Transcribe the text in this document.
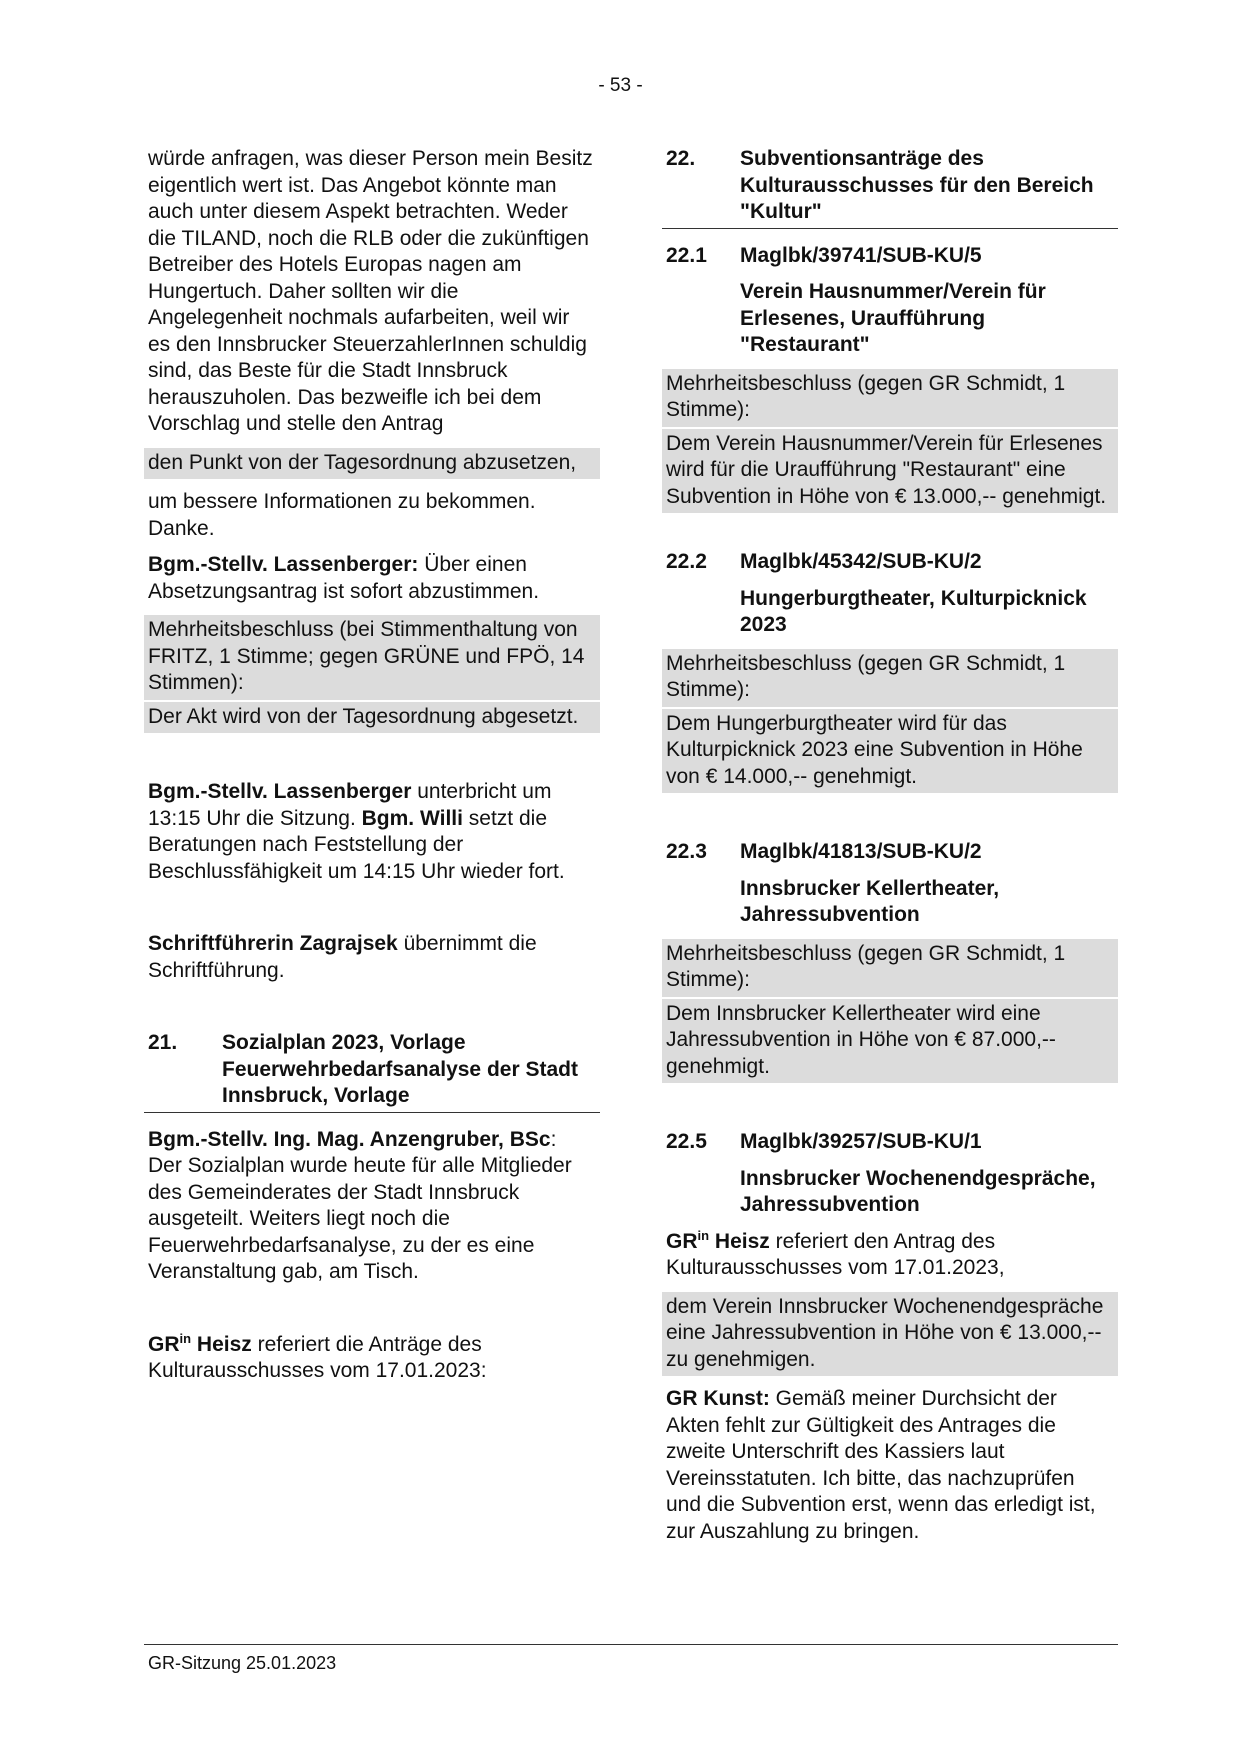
- 53 -

würde anfragen, was dieser Person mein Besitz eigentlich wert ist. Das Angebot könnte man auch unter diesem Aspekt betrachten. Weder die TILAND, noch die RLB oder die zukünftigen Betreiber des Hotels Europas nagen am Hungertuch. Daher sollten wir die Angelegenheit nochmals aufarbeiten, weil wir es den Innsbrucker SteuerzahlerInnen schuldig sind, das Beste für die Stadt Innsbruck herauszuholen. Das bezweifle ich bei dem Vorschlag und stelle den Antrag

den Punkt von der Tagesordnung abzusetzen,

um bessere Informationen zu bekommen. Danke.

Bgm.-Stellv. Lassenberger: Über einen Absetzungsantrag ist sofort abzustimmen.

Mehrheitsbeschluss (bei Stimmenthaltung von FRITZ, 1 Stimme; gegen GRÜNE und FPÖ, 14 Stimmen):

Der Akt wird von der Tagesordnung abgesetzt.

Bgm.-Stellv. Lassenberger unterbricht um 13:15 Uhr die Sitzung. Bgm. Willi setzt die Beratungen nach Feststellung der Beschlussfähigkeit um 14:15 Uhr wieder fort.

Schriftführerin Zagrajsek übernimmt die Schriftführung.

21.	Sozialplan 2023, Vorlage Feuerwehrbedarfsanalyse der Stadt Innsbruck, Vorlage

Bgm.-Stellv. Ing. Mag. Anzengruber, BSc: Der Sozialplan wurde heute für alle Mitglieder des Gemeinderates der Stadt Innsbruck ausgeteilt. Weiters liegt noch die Feuerwehrbedarfsanalyse, zu der es eine Veranstaltung gab, am Tisch.

$GR^{in}$ Heisz referiert die Anträge des Kulturausschusses vom 17.01.2023:

22.	Subventionsanträge des Kulturausschusses für den Bereich "Kultur"
22.1	Maglbk/39741/SUB-KU/5

Verein Hausnummer/Verein für Erlesenes, Uraufführung "Restaurant"

Mehrheitsbeschluss (gegen GR Schmidt, 1 Stimme):

Dem Verein Hausnummer/Verein für Erlesenes wird für die Uraufführung "Restaurant" eine Subvention in Höhe von € 13.000,-- genehmigt.

22.2	Maglbk/45342/SUB-KU/2

Hungerburgtheater, Kulturpicknick 2023

Mehrheitsbeschluss (gegen GR Schmidt, 1 Stimme):

Dem Hungerburgtheater wird für das Kulturpicknick 2023 eine Subvention in Höhe von € 14.000,-- genehmigt.

22.3	Maglbk/41813/SUB-KU/2

Innsbrucker Kellertheater, Jahressubvention

Mehrheitsbeschluss (gegen GR Schmidt, 1 Stimme):

Dem Innsbrucker Kellertheater wird eine Jahressubvention in Höhe von € 87.000,-- genehmigt.

22.5	Maglbk/39257/SUB-KU/1

Innsbrucker Wochenendgespräche, Jahressubvention

$GR^{in}$ Heisz referiert den Antrag des Kulturausschusses vom 17.01.2023,

dem Verein Innsbrucker Wochenendgespräche eine Jahressubvention in Höhe von € 13.000,-- zu genehmigen.

GR Kunst: Gemäß meiner Durchsicht der Akten fehlt zur Gültigkeit des Antrages die zweite Unterschrift des Kassiers laut Vereinsstatuten. Ich bitte, das nachzuprüfen und die Subvention erst, wenn das erledigt ist, zur Auszahlung zu bringen.

GR-Sitzung 25.01.2023
